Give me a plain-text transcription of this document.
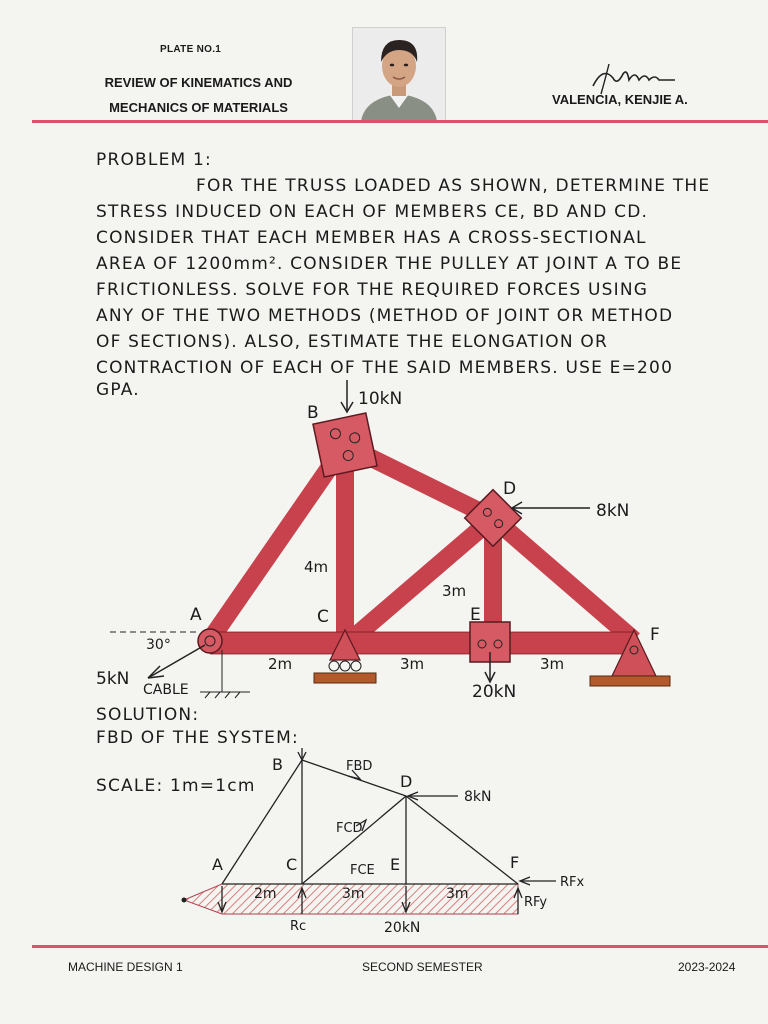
PLATE NO.1
REVIEW OF KINEMATICS AND
MECHANICS OF MATERIALS
VALENCIA, KENJIE A.
PROBLEM 1:
FOR THE TRUSS LOADED AS SHOWN, DETERMINE THE
STRESS INDUCED ON EACH OF MEMBERS CE, BD AND CD.
CONSIDER THAT EACH MEMBER HAS A CROSS-SECTIONAL
AREA OF 1200mm². CONSIDER THE PULLEY AT JOINT A TO BE
FRICTIONLESS. SOLVE FOR THE REQUIRED FORCES USING
ANY OF THE TWO METHODS (METHOD OF JOINT OR METHOD
OF SECTIONS). ALSO, ESTIMATE THE ELONGATION OR
CONTRACTION OF EACH OF THE SAID MEMBERS. USE E=200
GPA.
B
D
A	C	E
F
10kN
8kN
20kN
5kN
CABLE
30°
4m
3m
2m	3m	3m
SOLUTION:
FBD OF THE SYSTEM:
SCALE: 1m=1cm
B
A	C
D
E	F
FBD
FCD
FCE
8kN
RFx
RFy
Rc	20kN
2m	3m	3m
MACHINE DESIGN 1	SECOND SEMESTER	2023-2024
